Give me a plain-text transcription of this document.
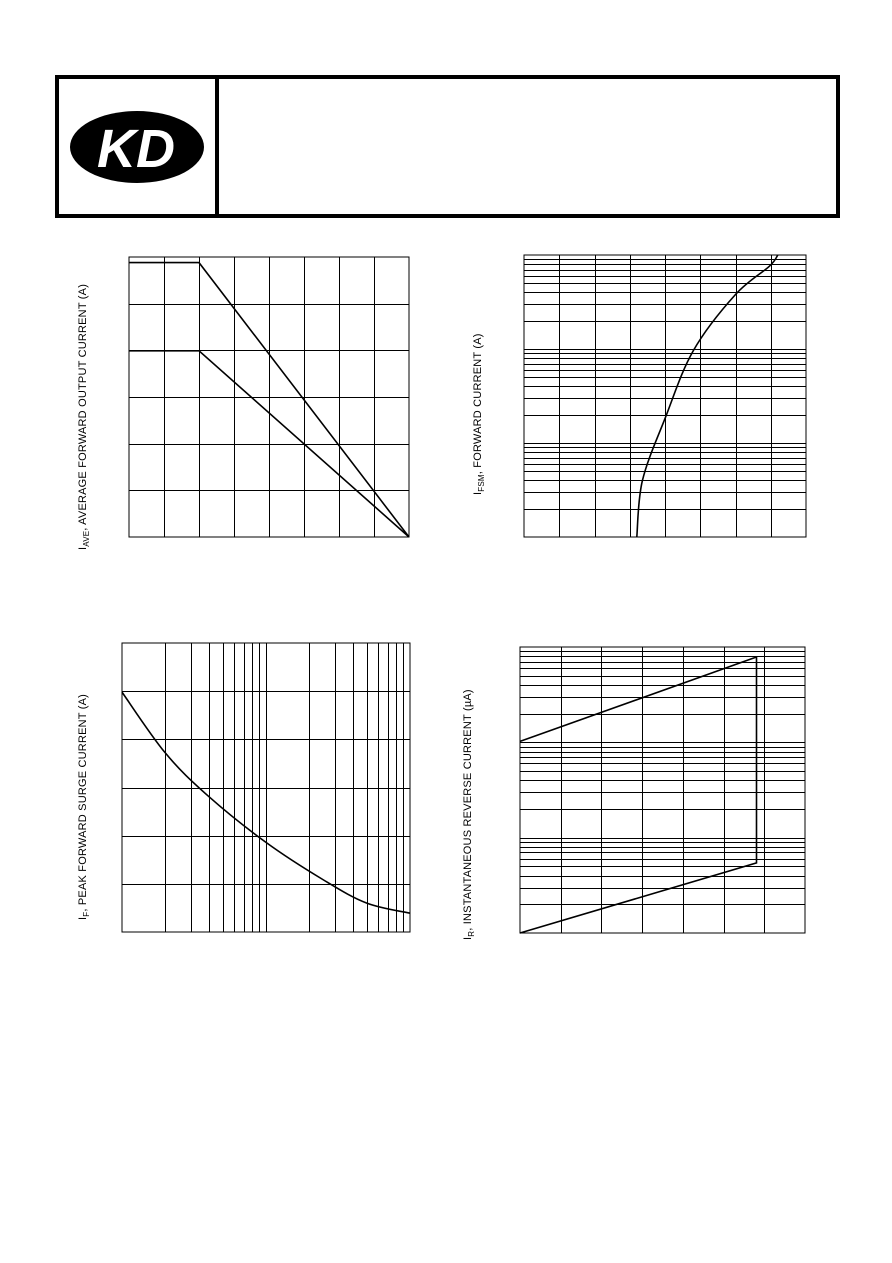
KD
$I_{AVE}$, AVERAGE FORWARD OUTPUT CURRENT (A)	$I_{FSM}$, FORWARD CURRENT (A)
$I_F$, PEAK FORWARD SURGE CURRENT (A)
$I_R$, INSTANTANEOUS REVERSE CURRENT (µA)
